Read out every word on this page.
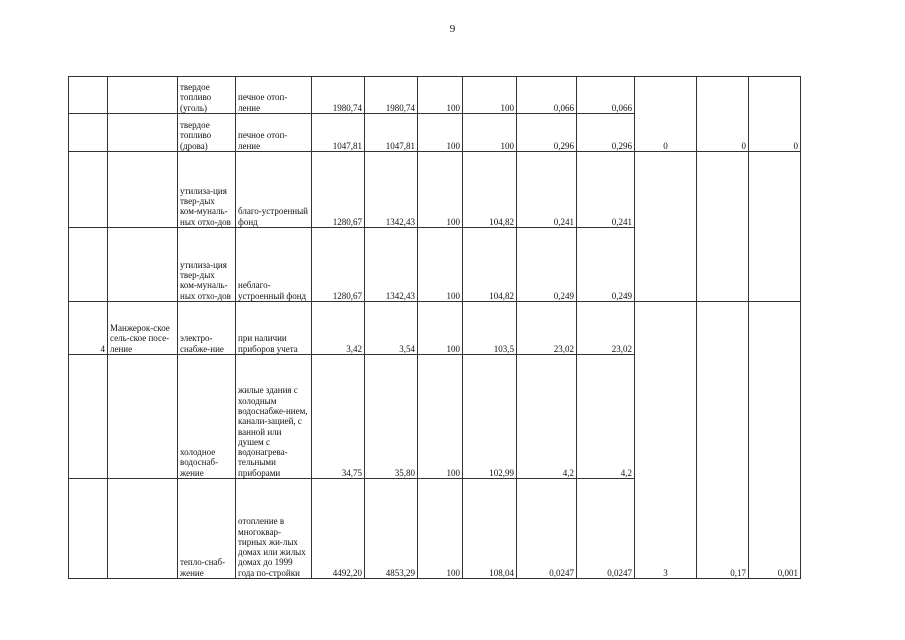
9
		твердое топливо (уголь)	печное отоп-ление	1980,74	1980,74	100	100	0,066	0,066	0	0	0
		твердое топливо (дрова)	печное отоп-ление	1047,81	1047,81	100	100	0,296	0,296			
		утилиза-ция твер-дых ком-муналь-ных отхо-дов	благо-устроенный фонд	1280,67	1342,43	100	104,82	0,241	0,241			
		утилиза-ция твер-дых ком-муналь-ных отхо-дов	неблаго-устроенный фонд	1280,67	1342,43	100	104,82	0,249	0,249			
4	Манжерок-ское сель-ское посе-ление	электро-снабже-ние	при наличии приборов учета	3,42	3,54	100	103,5	23,02	23,02	3	0,17	0,001
		холодное водоснаб-жение	жилые здания с холодным водоснабже-нием, канали-зацией, с ванной или душем с водонагрева-тельными приборами	34,75	35,80	100	102,99	4,2	4,2			
		тепло-снаб-жение	отопление в многоквар-тирных жи-лых домах или жилых домах до 1999 года по-стройки	4492,20	4853,29	100	108,04	0,0247	0,0247			
